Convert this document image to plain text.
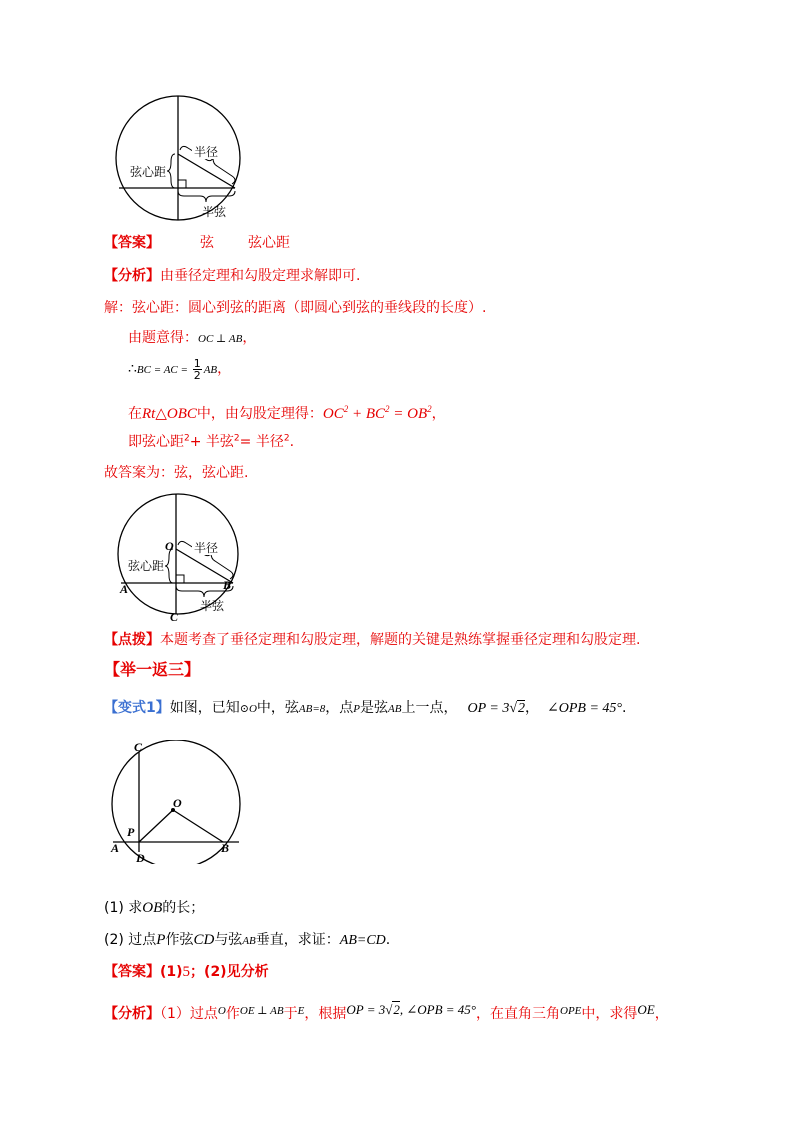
半径
弦心距
半弦
【答案】	弦 弦心距
【分析】由垂径定理和勾股定理求解即可.
解：弦心距：圆心到弦的距离（即圆心到弦的垂线段的长度）.
由题意得：OC ⊥ AB，
∴BC = AC = $\frac{1}{2}$ AB，
在Rt△OBC中，由勾股定理得：$OC^2 + BC^2 = OB^2$，
即弦心距$^2$+ 半弦$^2$= 半径$^2$.
故答案为：弦，弦心距.
半径
弦心距
半弦
O
A	B
C
【点拨】本题考查了垂径定理和勾股定理，解题的关键是熟练掌握垂径定理和勾股定理.
【举一返三】
【变式1】如图，已知⊙O中，弦AB=8，点P是弦AB上一点， OP = 3√2， ∠OPB = 45°.
C
O
P
A
D
B
(1) 求OB的长；
(2) 过点P作弦CD与弦AB垂直，求证：AB=CD.
【答案】(1)5；(2)见分析
【分析】（1）过点$^O$作$^{OE \perp AB}$于$^E$，根据OP = 3√2, ∠OPB = 45°，在直角三角$^{OPE}$中，求得OE，
